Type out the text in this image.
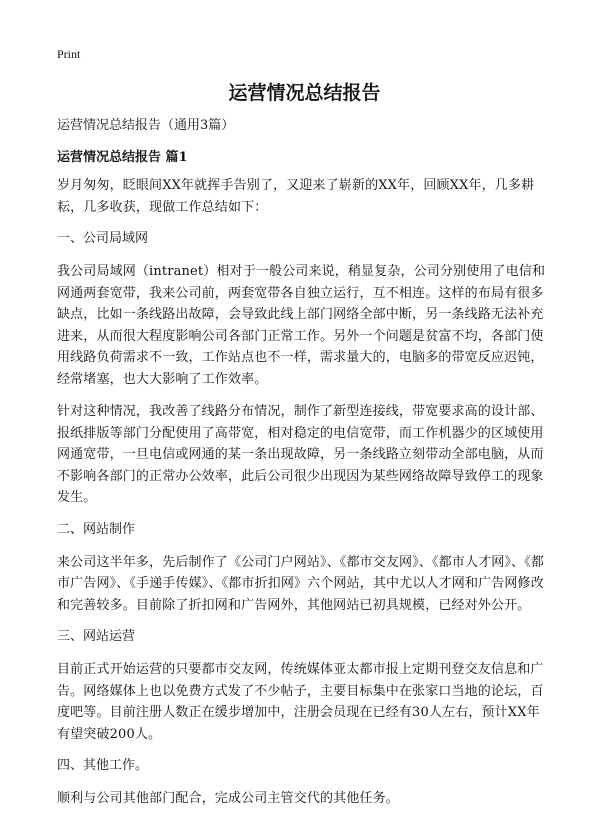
Print
运营情况总结报告

运营情况总结报告（通用3篇）

运营情况总结报告 篇1

岁月匆匆，眨眼间XX年就挥手告别了，又迎来了崭新的XX年，回顾XX年，几多耕耘，几多收获，现做工作总结如下：

一、公司局域网

我公司局域网（intranet）相对于一般公司来说，稍显复杂，公司分别使用了电信和网通两套宽带，我来公司前，两套宽带各自独立运行，互不相连。这样的布局有很多缺点，比如一条线路出故障，会导致此线上部门网络全部中断，另一条线路无法补充进来，从而很大程度影响公司各部门正常工作。另外一个问题是贫富不均，各部门使用线路负荷需求不一致，工作站点也不一样，需求量大的，电脑多的带宽反应迟钝，经常堵塞，也大大影响了工作效率。

针对这种情况，我改善了线路分布情况，制作了新型连接线，带宽要求高的设计部、报纸排版等部门分配使用了高带宽，相对稳定的电信宽带，而工作机器少的区域使用网通宽带，一旦电信或网通的某一条出现故障，另一条线路立刻带动全部电脑，从而不影响各部门的正常办公效率，此后公司很少出现因为某些网络故障导致停工的现象发生。

二、网站制作

来公司这半年多，先后制作了《公司门户网站》、《都市交友网》、《都市人才网》、《都市广告网》、《手递手传媒》、《都市折扣网》六个网站，其中尤以人才网和广告网修改和完善较多。目前除了折扣网和广告网外，其他网站已初具规模，已经对外公开。

三、网站运营

目前正式开始运营的只要都市交友网，传统媒体亚太都市报上定期刊登交友信息和广告。网络媒体上也以免费方式发了不少帖子，主要目标集中在张家口当地的论坛，百度吧等。目前注册人数正在缓步增加中，注册会员现在已经有30人左右，预计XX年有望突破200人。

四、其他工作。

顺利与公司其他部门配合，完成公司主管交代的其他任务。
